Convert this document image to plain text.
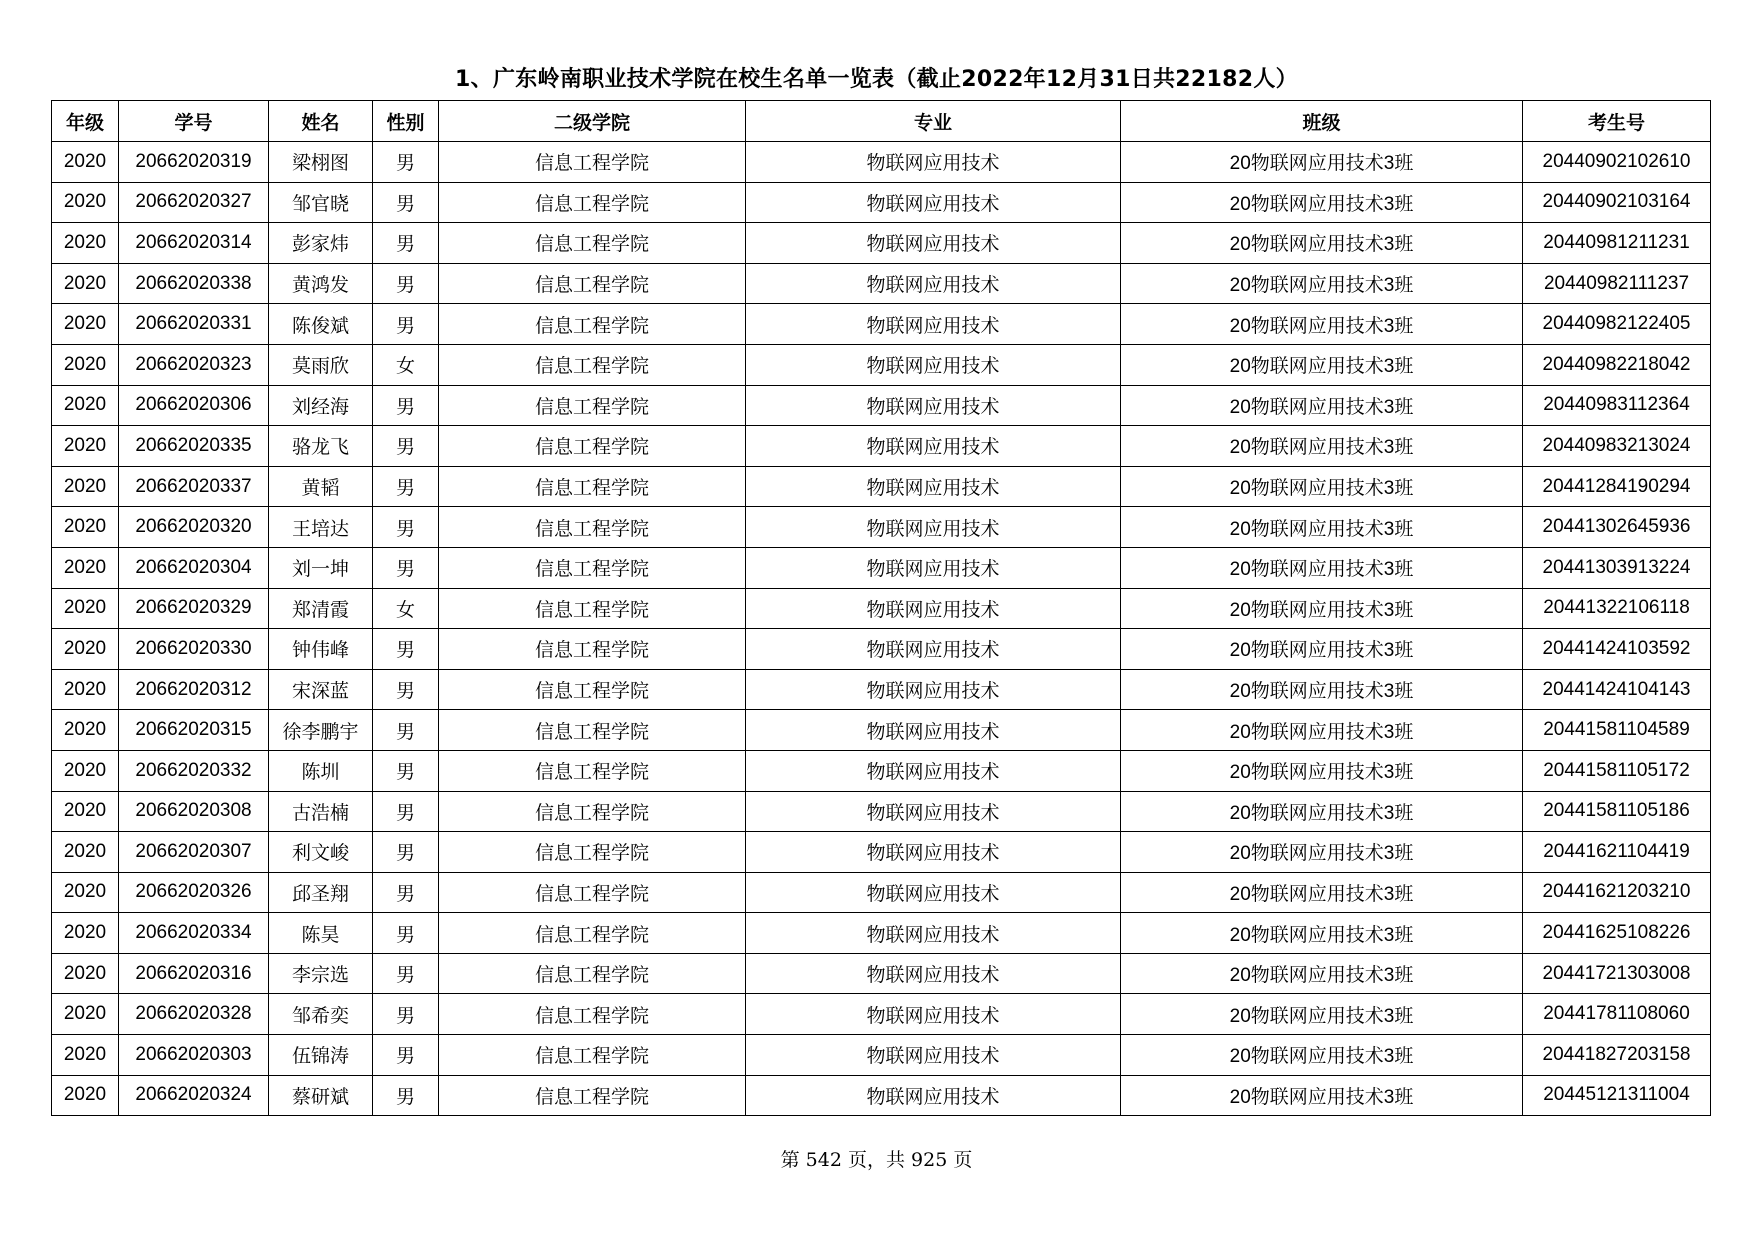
1、广东岭南职业技术学院在校生名单一览表（截止2022年12月31日共22182人）
年级	学号	姓名	性别	二级学院	专业	班级	考生号
2020	20662020319	梁栩图	男	信息工程学院	物联网应用技术	20物联网应用技术3班	20440902102610
2020	20662020327	邹官晓	男	信息工程学院	物联网应用技术	20物联网应用技术3班	20440902103164
2020	20662020314	彭家炜	男	信息工程学院	物联网应用技术	20物联网应用技术3班	20440981211231
2020	20662020338	黄鸿发	男	信息工程学院	物联网应用技术	20物联网应用技术3班	20440982111237
2020	20662020331	陈俊斌	男	信息工程学院	物联网应用技术	20物联网应用技术3班	20440982122405
2020	20662020323	莫雨欣	女	信息工程学院	物联网应用技术	20物联网应用技术3班	20440982218042
2020	20662020306	刘经海	男	信息工程学院	物联网应用技术	20物联网应用技术3班	20440983112364
2020	20662020335	骆龙飞	男	信息工程学院	物联网应用技术	20物联网应用技术3班	20440983213024
2020	20662020337	黄韬	男	信息工程学院	物联网应用技术	20物联网应用技术3班	20441284190294
2020	20662020320	王培达	男	信息工程学院	物联网应用技术	20物联网应用技术3班	20441302645936
2020	20662020304	刘一坤	男	信息工程学院	物联网应用技术	20物联网应用技术3班	20441303913224
2020	20662020329	郑清霞	女	信息工程学院	物联网应用技术	20物联网应用技术3班	20441322106118
2020	20662020330	钟伟峰	男	信息工程学院	物联网应用技术	20物联网应用技术3班	20441424103592
2020	20662020312	宋深蓝	男	信息工程学院	物联网应用技术	20物联网应用技术3班	20441424104143
2020	20662020315	徐李鹏宇	男	信息工程学院	物联网应用技术	20物联网应用技术3班	20441581104589
2020	20662020332	陈圳	男	信息工程学院	物联网应用技术	20物联网应用技术3班	20441581105172
2020	20662020308	古浩楠	男	信息工程学院	物联网应用技术	20物联网应用技术3班	20441581105186
2020	20662020307	利文峻	男	信息工程学院	物联网应用技术	20物联网应用技术3班	20441621104419
2020	20662020326	邱圣翔	男	信息工程学院	物联网应用技术	20物联网应用技术3班	20441621203210
2020	20662020334	陈昊	男	信息工程学院	物联网应用技术	20物联网应用技术3班	20441625108226
2020	20662020316	李宗选	男	信息工程学院	物联网应用技术	20物联网应用技术3班	20441721303008
2020	20662020328	邹希奕	男	信息工程学院	物联网应用技术	20物联网应用技术3班	20441781108060
2020	20662020303	伍锦涛	男	信息工程学院	物联网应用技术	20物联网应用技术3班	20441827203158
2020	20662020324	蔡研斌	男	信息工程学院	物联网应用技术	20物联网应用技术3班	20445121311004
第 542 页，共 925 页
